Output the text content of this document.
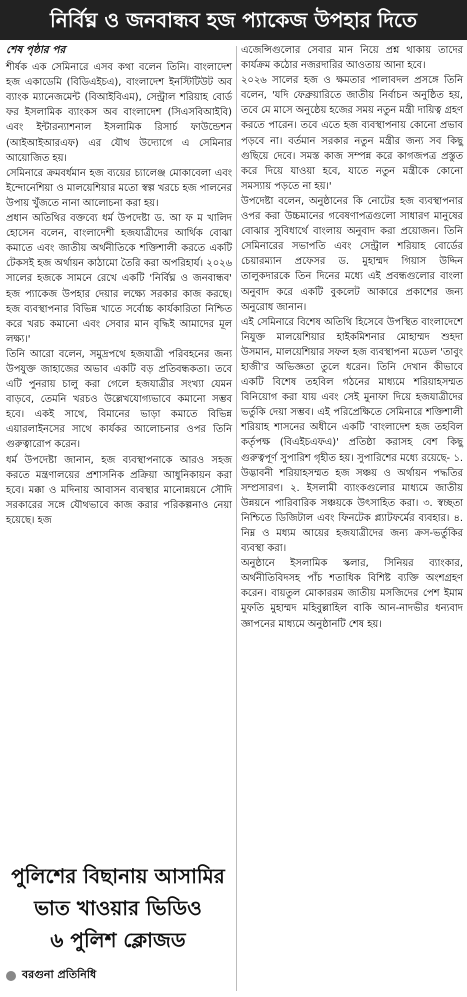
নির্বিঘ্ন ও জনবান্ধব হজ প্যাকেজ উপহার দিতে
শেষ পৃষ্ঠার পর

শীর্ষক এক সেমিনারে এসব কথা বলেন তিনি। বাংলাদেশ হজ একাডেমি (বিডিএইচএ), বাংলাদেশ ইনস্টিটিউট অব ব্যাংক ম্যানেজমেন্ট (বিআইবিএম), সেন্ট্রাল শরিয়াহ বোর্ড ফর ইসলামিক ব্যাংকস অব বাংলাদেশ (সিএসবিআইবি) এবং ইন্টারন্যাশনাল ইসলামিক রিসার্চ ফাউন্ডেশন (আইআইআরএফ) এর যৌথ উদ্যোগে এ সেমিনার আয়োজিত হয়।

সেমিনারে ক্রমবর্ধমান হজ ব্যয়ের চ্যালেঞ্জ মোকাবেলা এবং ইন্দোনেশিয়া ও মালয়েশিয়ার মতো স্বল্প খরচে হজ পালনের উপায় খুঁজতে নানা আলোচনা করা হয়।

প্রধান অতিথির বক্তব্যে ধর্ম উপদেষ্টা ড. আ ফ ম খালিদ হোসেন বলেন, বাংলাদেশী হজযাত্রীদের আর্থিক বোঝা কমাতে এবং জাতীয় অর্থনীতিকে শক্তিশালী করতে একটি টেকসই হজ অর্থায়ন কাঠামো তৈরি করা অপরিহার্য। ২০২৬ সালের হজকে সামনে রেখে একটি 'নির্বিঘ্ন ও জনবান্ধব' হজ প্যাকেজ উপহার দেয়ার লক্ষ্যে সরকার কাজ করছে। হজ ব্যবস্থাপনার বিভিন্ন খাতে সর্বোচ্চ কার্যকারিতা নিশ্চিত করে খরচ কমানো এবং সেবার মান বৃদ্ধিই আমাদের মূল লক্ষ্য।'

তিনি আরো বলেন, সমুদ্রপথে হজযাত্রী পরিবহনের জন্য উপযুক্ত জাহাজের অভাব একটি বড় প্রতিবন্ধকতা। তবে এটি পুনরায় চালু করা গেলে হজযাত্রীর সংখ্যা যেমন বাড়বে, তেমনি খরচও উল্লেখযোগ্যভাবে কমানো সম্ভব হবে। একই সাথে, বিমানের ভাড়া কমাতে বিভিন্ন এয়ারলাইনসের সাথে কার্যকর আলোচনার ওপর তিনি গুরুত্বারোপ করেন।

ধর্ম উপদেষ্টা জানান, হজ ব্যবস্থাপনাকে আরও সহজ করতে মন্ত্রণালয়ের প্রশাসনিক প্রক্রিয়া আধুনিকায়ন করা হবে। মক্কা ও মদিনায় আবাসন ব্যবস্থার মানোন্নয়নে সৌদি সরকারের সঙ্গে যৌথভাবে কাজ করার পরিকল্পনাও নেয়া হয়েছে। হজ

এজেন্সিগুলোর সেবার মান নিয়ে প্রশ্ন থাকায় তাদের কার্যক্রম কঠোর নজরদারির আওতায় আনা হবে।

২০২৬ সালের হজ ও ক্ষমতার পালাবদল প্রসঙ্গে তিনি বলেন, 'যদি ফেব্রুয়ারিতে জাতীয় নির্বাচন অনুষ্ঠিত হয়, তবে মে মাসে অনুষ্ঠেয় হজের সময় নতুন মন্ত্রী দায়িত্ব গ্রহণ করতে পারেন। তবে এতে হজ ব্যবস্থাপনায় কোনো প্রভাব পড়বে না। বর্তমান সরকার নতুন মন্ত্রীর জন্য সব কিছু গুছিয়ে দেবে। সমস্ত কাজ সম্পন্ন করে কাগজপত্র প্রস্তুত করে দিয়ে যাওয়া হবে, যাতে নতুন মন্ত্রীকে কোনো সমস্যায় পড়তে না হয়।'

উপদেষ্টা বলেন, অনুষ্ঠানের কি নোটের হজ ব্যবস্থাপনার ওপর করা উচ্চমানের গবেষণাপত্রগুলো সাধারণ মানুষের বোঝার সুবিধার্থে বাংলায় অনুবাদ করা প্রয়োজন। তিনি সেমিনারের সভাপতি এবং সেন্ট্রাল শরিয়াহ বোর্ডের চেয়ারম্যান প্রফেসর ড. মুহাম্মদ গিয়াস উদ্দিন তালুকদারকে তিন দিনের মধ্যে এই প্রবন্ধগুলোর বাংলা অনুবাদ করে একটি বুকলেট আকারে প্রকাশের জন্য অনুরোধ জানান।

এই সেমিনারে বিশেষ অতিথি হিসেবে উপস্থিত বাংলাদেশে নিযুক্ত মালয়েশিয়ার হাইকমিশনার মোহাম্মদ শুহদা উসমান, মালয়েশিয়ার সফল হজ ব্যবস্থাপনা মডেল 'তাবুং হাজী'র অভিজ্ঞতা তুলে ধরেন। তিনি দেখান কীভাবে একটি বিশেষ তহবিল গঠনের মাধ্যমে শরিয়াহসম্মত বিনিয়োগ করা যায় এবং সেই মুনাফা দিয়ে হজযাত্রীদের ভর্তুকি দেয়া সম্ভব। এই পরিপ্রেক্ষিতে সেমিনারে শক্তিশালী শরিয়াহ শাসনের অধীনে একটি 'বাংলাদেশ হজ তহবিল কর্তৃপক্ষ (বিএইচএফএ)' প্রতিষ্ঠা করাসহ বেশ কিছু গুরুত্বপূর্ণ সুপারিশ গৃহীত হয়। সুপারিশের মধ্যে রয়েছে- ১. উদ্ভাবনী শরিয়াহসম্মত হজ সঞ্চয় ও অর্থায়ন পদ্ধতির সম্প্রসারণ। ২. ইসলামী ব্যাংকগুলোর মাধ্যমে জাতীয় উন্নয়নে পারিবারিক সঞ্চয়কে উৎসাহিত করা। ৩. স্বচ্ছতা নিশ্চিতে ডিজিটাল এবং ফিনটেক প্ল্যাটফর্মের ব্যবহার। ৪. নিম্ন ও মধ্যম আয়ের হজযাত্রীদের জন্য ক্রস-ভর্তুকির ব্যবস্থা করা।

অনুষ্ঠানে ইসলামিক স্কলার, সিনিয়র ব্যাংকার, অর্থনীতিবিদসহ পাঁচ শতাধিক বিশিষ্ট ব্যক্তি অংশগ্রহণ করেন। বায়তুল মোকাররম জাতীয় মসজিদের পেশ ইমাম মুফতি মুহাম্মদ মহিবুল্লাহিল বাকি আন-নাদভীর ধন্যবাদ জ্ঞাপনের মাধ্যমে অনুষ্ঠানটি শেষ হয়।

পুলিশের বিছানায় আসামির
ভাত খাওয়ার ভিডিও
৬ পুলিশ ক্লোজড
বরগুনা প্রতিনিধি
